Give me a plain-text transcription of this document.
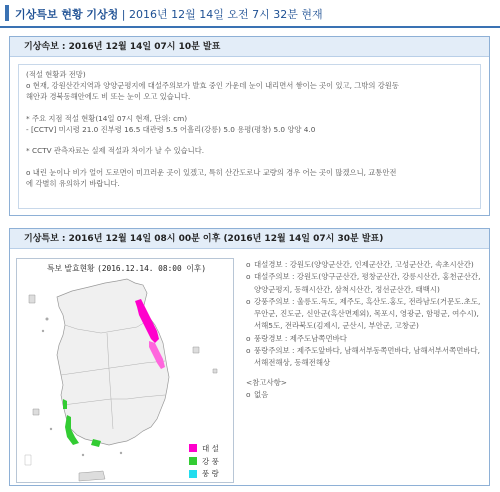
기상특보 현황 기상청 | 2016년 12월 14일 오전 7시 32분 현재
기상속보 : 2016년 12월 14일 07시 10분 발표

(적설 현황과 전망)

o 현재, 강원산간지역과 양양군평지에 대설주의보가 발효 중인 가운데 눈이 내리면서 쌓이는 곳이 있고, 그밖의 강원동

해안과 경북동해안에도 비 또는 눈이 오고 있습니다.

* 주요 지점 적설 현황(14일 07시 현재, 단위: cm)

- [CCTV] 미시령 21.0 진부령 16.5 대관령 5.5 어흘리(강릉) 5.0 용평(평창) 5.0 양양 4.0

* CCTV 관측자료는 실제 적설과 차이가 날 수 있습니다.

o 내린 눈이나 비가 얼어 도로면이 미끄러운 곳이 있겠고, 특히 산간도로나 교량의 경우 어는 곳이 많겠으니, 교통안전

에 각별히 유의하기 바랍니다.

기상특보 : 2016년 12월 14일 08시 00분 이후 (2016년 12월 14일 07시 30분 발표)
특보 발효현황 (2016.12.14. 08:00 이후)
대 설
강 풍
풍 랑
o 대설경보 : 강원도(양양군산간, 인제군산간, 고성군산간, 속초시산간)
o 대설주의보 : 강원도(양구군산간, 평창군산간, 강릉시산간, 홍천군산간, 양양군평지, 동해시산간, 삼척시산간, 정선군산간, 태백시)
o 강풍주의보 : 울릉도.독도, 제주도, 흑산도.홍도, 전라남도(거문도.초도, 무안군, 진도군, 신안군(흑산면제외), 목포시, 영광군, 함평군, 여수시), 서해5도, 전라북도(김제시, 군산시, 부안군, 고창군)
o 풍랑경보 : 제주도남쪽먼바다
o 풍랑주의보 : 제주도앞바다, 남해서부동쪽먼바다, 남해서부서쪽먼바다, 서해전해상, 동해전해상
<참고사항>
o 없음
